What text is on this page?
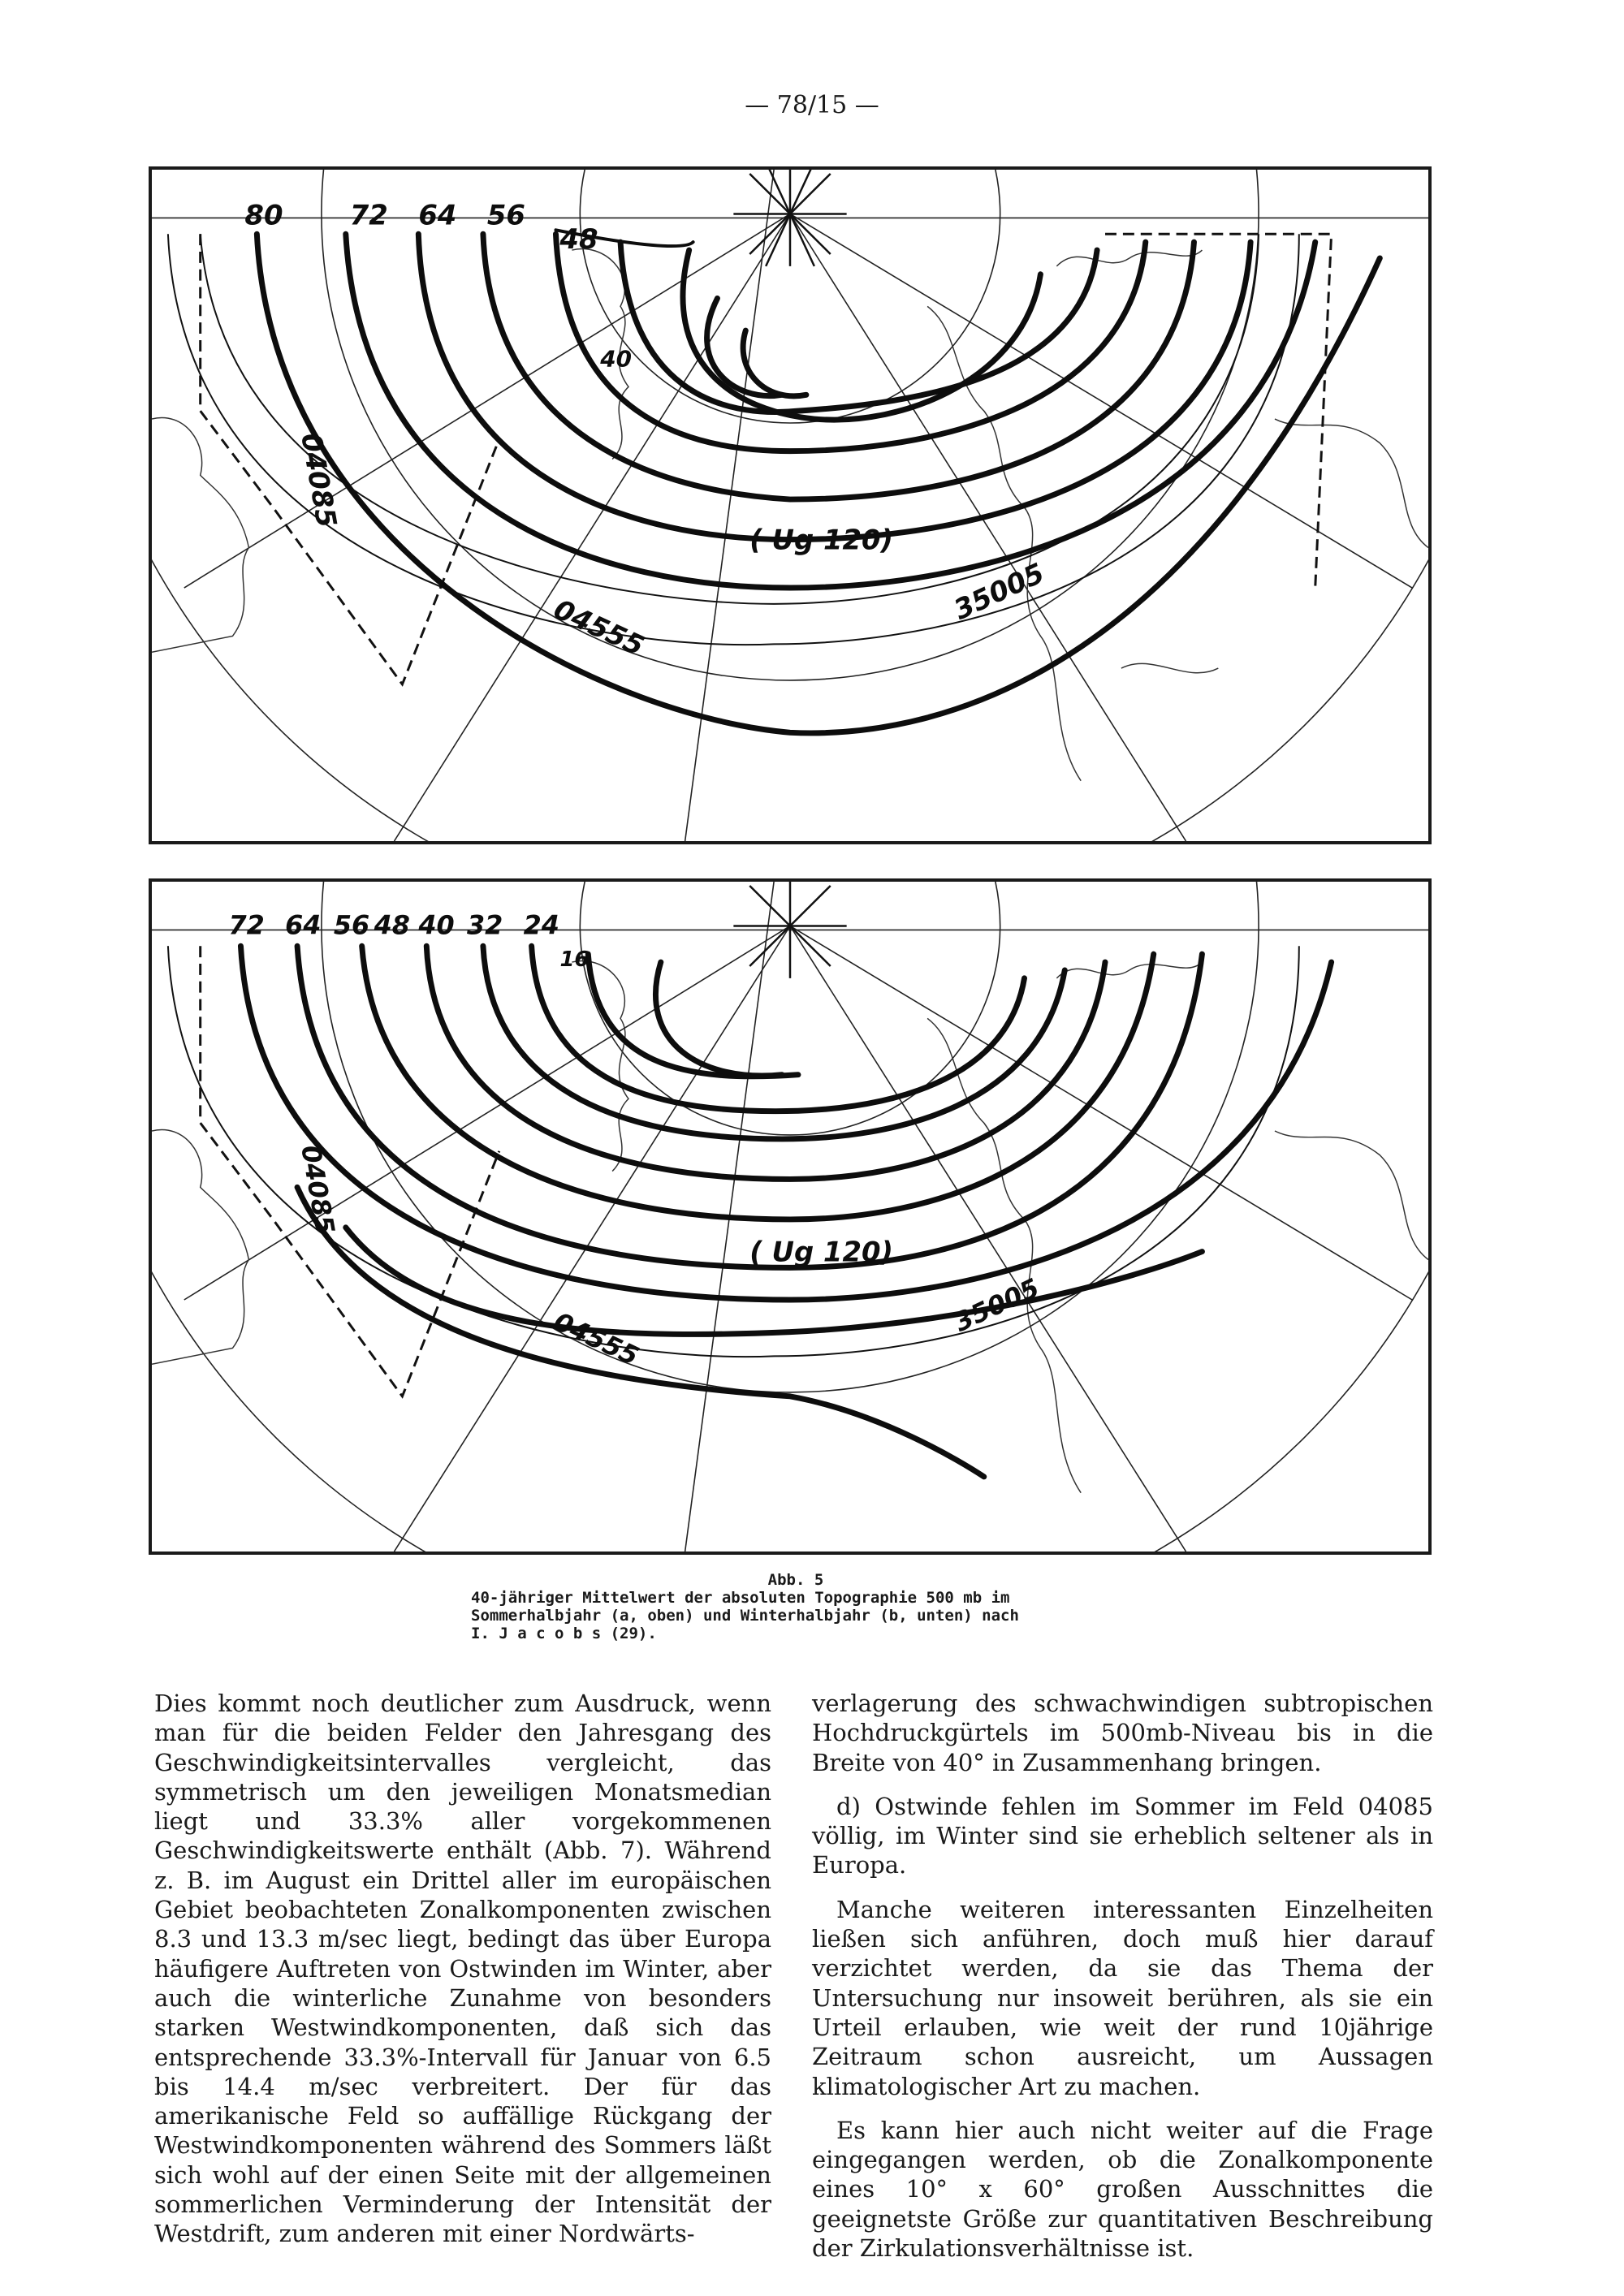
— 78/15 —
80 72 64 56
48
40
04085
04555
35005
( Ug 120)
72 64 56 48 40 32 24
16
04085
04555
35005
( Ug 120)
Abb. 5
40-jähriger Mittelwert der absoluten Topographie 500 mb im
Sommerhalbjahr (a, oben) und Winterhalbjahr (b, unten) nach
I. J a c o b s (29).

Dies kommt noch deutlicher zum Ausdruck, wenn man für die beiden Felder den Jahresgang des Geschwindigkeitsintervalles vergleicht, das symmetrisch um den jeweiligen Monatsmedian liegt und 33.3% aller vorgekommenen Geschwindigkeitswerte enthält (Abb. 7). Während z. B. im August ein Drittel aller im europäischen Gebiet beobachteten Zonalkomponenten zwischen 8.3 und 13.3 m/sec liegt, bedingt das über Europa häufigere Auftreten von Ostwinden im Winter, aber auch die winterliche Zunahme von besonders starken Westwindkomponenten, daß sich das entsprechende 33.3%-Intervall für Januar von 6.5 bis 14.4 m/sec verbreitert. Der für das amerikanische Feld so auffällige Rückgang der Westwindkomponenten während des Sommers läßt sich wohl auf der einen Seite mit der allgemeinen sommerlichen Verminderung der Intensität der Westdrift, zum anderen mit einer Nordwärts-

verlagerung des schwachwindigen subtropischen Hochdruckgürtels im 500mb-Niveau bis in die Breite von 40° in Zusammenhang bringen.

d) Ostwinde fehlen im Sommer im Feld 04085 völlig, im Winter sind sie erheblich seltener als in Europa.

Manche weiteren interessanten Einzelheiten ließen sich anführen, doch muß hier darauf verzichtet werden, da sie das Thema der Untersuchung nur insoweit berühren, als sie ein Urteil erlauben, wie weit der rund 10jährige Zeitraum schon ausreicht, um Aussagen klimatologischer Art zu machen.

Es kann hier auch nicht weiter auf die Frage eingegangen werden, ob die Zonalkomponente eines 10° x 60° großen Ausschnittes die geeignetste Größe zur quantitativen Beschreibung der Zirkulationsverhältnisse ist.
